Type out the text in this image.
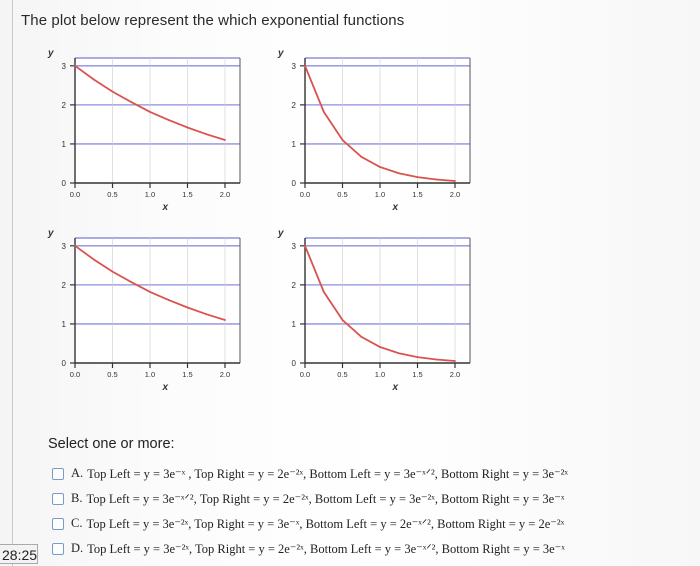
The plot below represent the which exponential functions
0
1
2
3
0.0	0.5	1.0	1.5	2.0
y
x
0
1
2
3
0.0	0.5	1.0	1.5	2.0
y
x
0
1
2
3
0.0	0.5	1.0	1.5	2.0
y
x
0
1
2
3
0.0	0.5	1.0	1.5	2.0
y
x
Select one or more:
A. Top Left = y = 3e⁻ˣ , Top Right = y = 2e⁻²ˣ, Bottom Left = y = 3e⁻ˣᐟ², Bottom Right = y = 3e⁻²ˣ
B. Top Left = y = 3e⁻ˣᐟ², Top Right = y = 2e⁻²ˣ, Bottom Left = y = 3e⁻²ˣ, Bottom Right = y = 3e⁻ˣ
C. Top Left = y = 3e⁻²ˣ, Top Right = y = 3e⁻ˣ, Bottom Left = y = 2e⁻ˣᐟ², Bottom Right = y = 2e⁻²ˣ
D. Top Left = y = 3e⁻²ˣ, Top Right = y = 2e⁻²ˣ, Bottom Left = y = 3e⁻ˣᐟ², Bottom Right = y = 3e⁻ˣ
28:25
